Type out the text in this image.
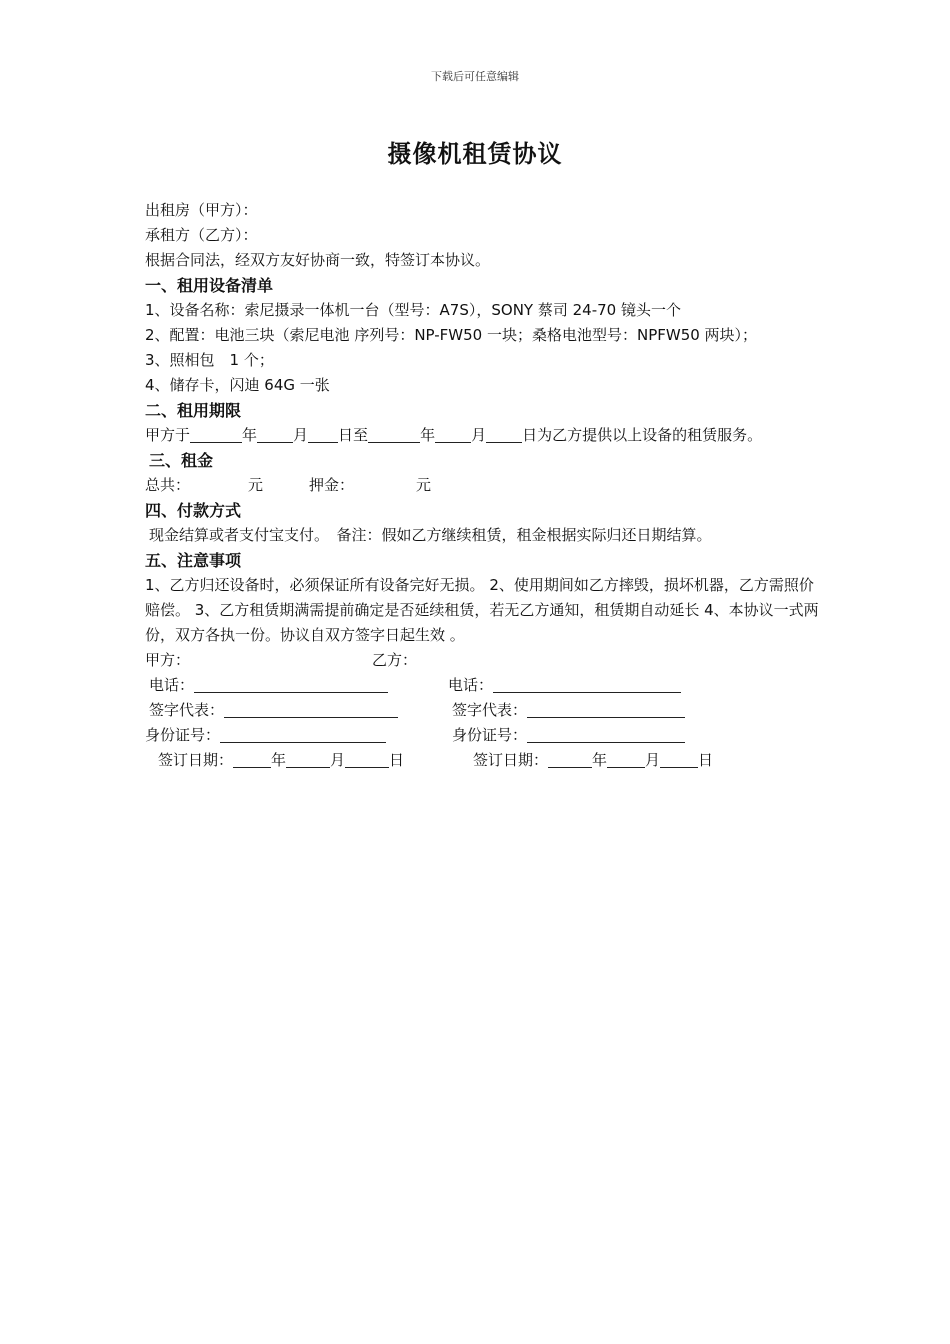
下载后可任意编辑
摄像机租赁协议
出租房（甲方）：
承租方（乙方）：
根据合同法，经双方友好协商一致，特签订本协议。
一、租用设备清单
1、设备名称：索尼摄录一体机一台（型号：A7S），SONY 蔡司 24-70 镜头一个
2、配置：电池三块（索尼电池 序列号：NP-FW50 一块；桑格电池型号：NPFW50 两块）；
3、照相包　1 个；
4、储存卡，闪迪 64G 一张
二、租用期限
甲方于	年 月 日至	年 月 日为乙方提供以上设备的租赁服务。
三、租金
总共：	元	押金：	元
四、付款方式
现金结算或者支付宝支付。　备注：假如乙方继续租赁，租金根据实际归还日期结算。
五、注意事项
1、乙方归还设备时，必须保证所有设备完好无损。 2、使用期间如乙方摔毁，损坏机器，乙方需照价赔偿。 3、乙方租赁期满需提前确定是否延续租赁，若无乙方通知，租赁期自动延长 4、本协议一式两份，双方各执一份。协议自双方签字日起生效 。
甲方：	乙方：
电话：	电话：
签字代表：	签字代表：
身份证号：	身份证号：
签订日期：	年	月	日	签订日期：	年	月	日
